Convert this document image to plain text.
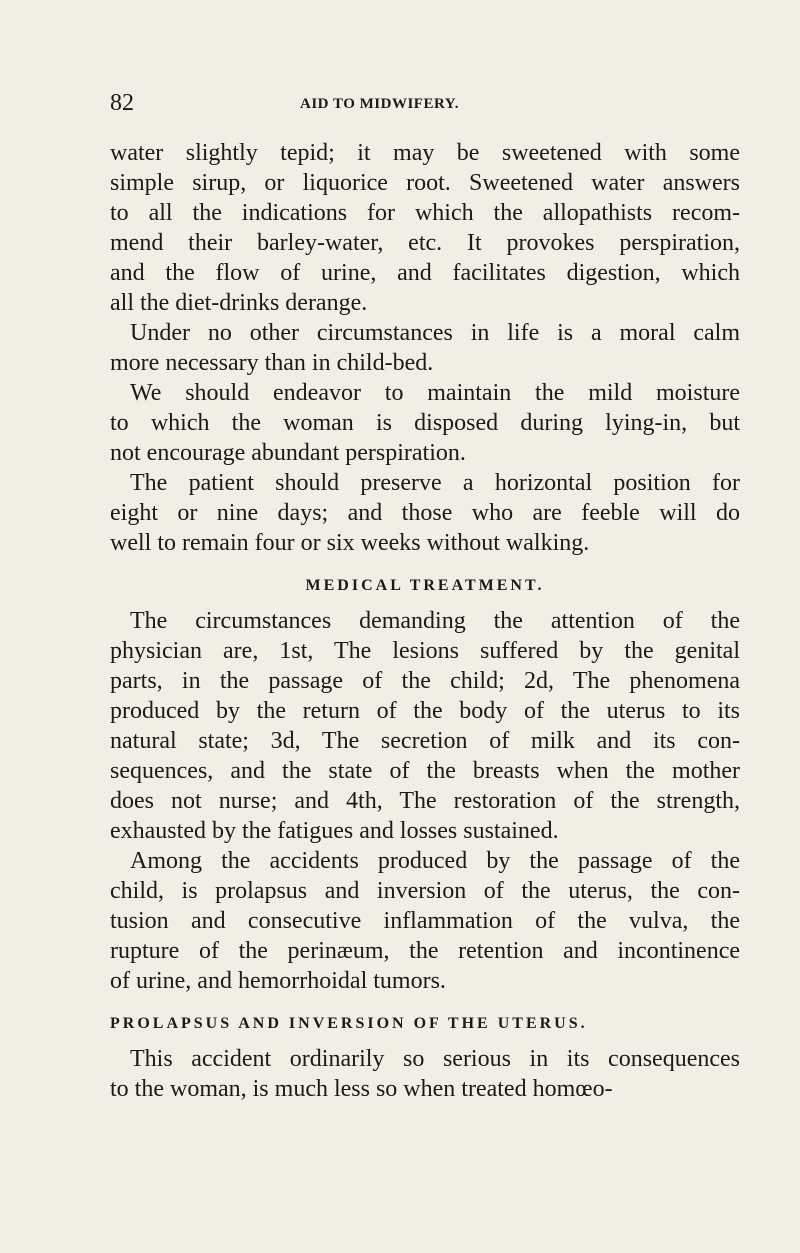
82	AID TO MIDWIFERY.
water slightly tepid; it may be sweetened with some
simple sirup, or liquorice root. Sweetened water answers
to all the indications for which the allopathists recom-
mend their barley-water, etc. It provokes perspiration,
and the flow of urine, and facilitates digestion, which
all the diet-drinks derange.
Under no other circumstances in life is a moral calm
more necessary than in child-bed.
We should endeavor to maintain the mild moisture
to which the woman is disposed during lying-in, but
not encourage abundant perspiration.
The patient should preserve a horizontal position for
eight or nine days; and those who are feeble will do
well to remain four or six weeks without walking.
MEDICAL TREATMENT.
The circumstances demanding the attention of the
physician are, 1st, The lesions suffered by the genital
parts, in the passage of the child; 2d, The phenomena
produced by the return of the body of the uterus to its
natural state; 3d, The secretion of milk and its con-
sequences, and the state of the breasts when the mother
does not nurse; and 4th, The restoration of the strength,
exhausted by the fatigues and losses sustained.
Among the accidents produced by the passage of the
child, is prolapsus and inversion of the uterus, the con-
tusion and consecutive inflammation of the vulva, the
rupture of the perinæum, the retention and incontinence
of urine, and hemorrhoidal tumors.
PROLAPSUS AND INVERSION OF THE UTERUS.
This accident ordinarily so serious in its consequences
to the woman, is much less so when treated homœo-
